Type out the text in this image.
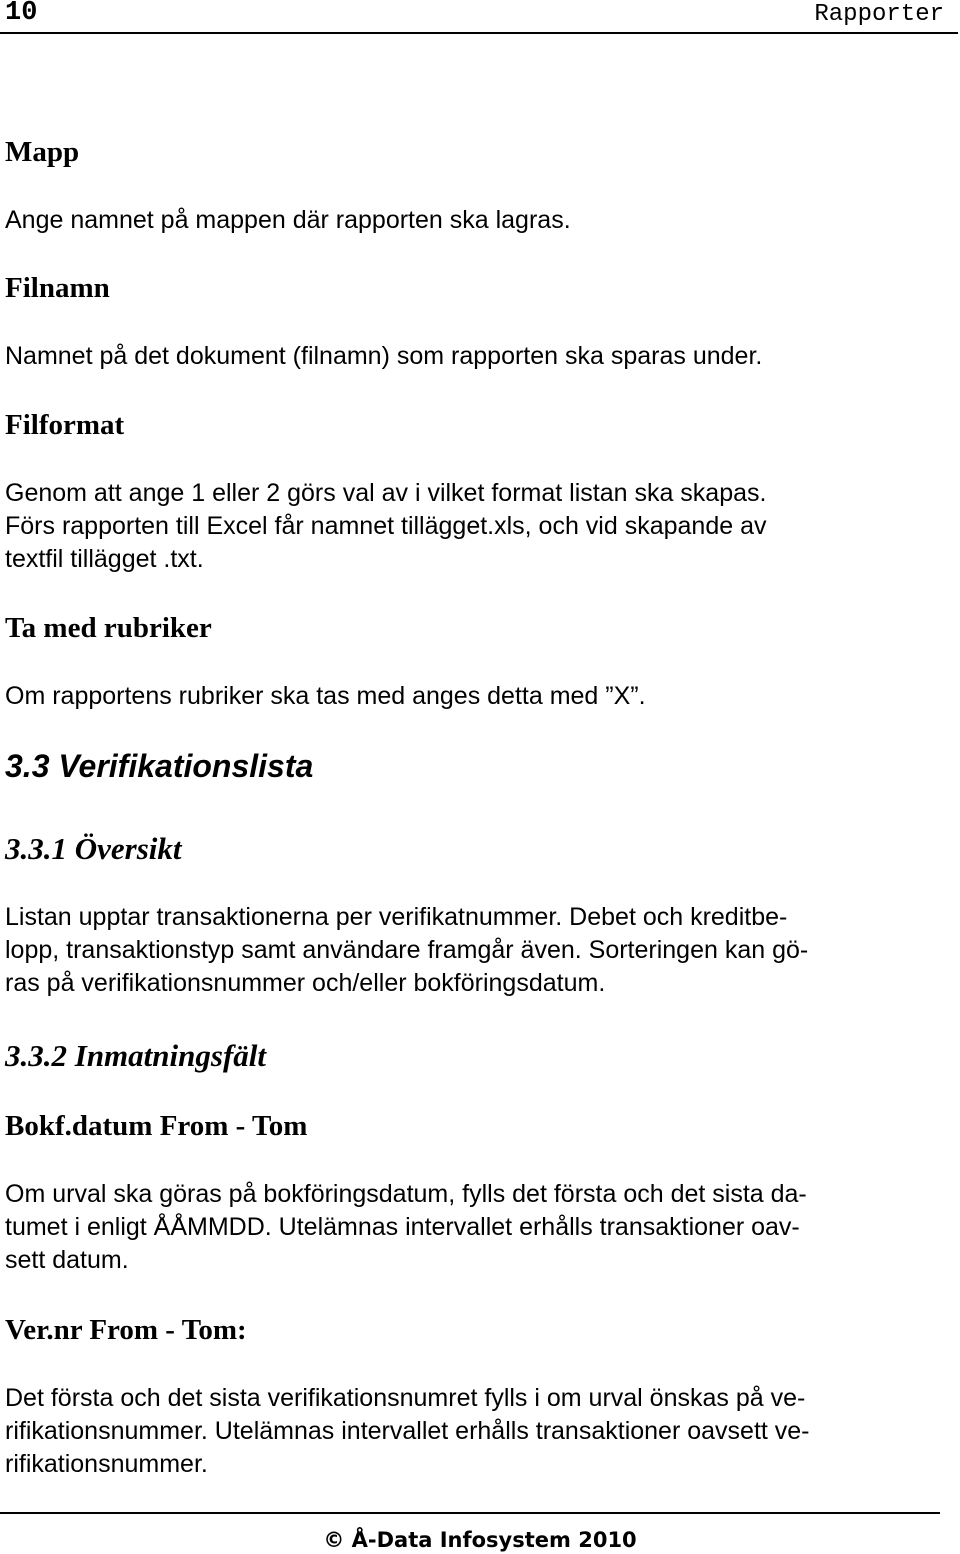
10	Rapporter
Mapp
Ange namnet på mappen där rapporten ska lagras.
Filnamn
Namnet på det dokument (filnamn) som rapporten ska sparas under.
Filformat
Genom att ange 1 eller 2 görs val av i vilket format listan ska skapas.
Förs rapporten till Excel får namnet tillägget.xls, och vid skapande av
textfil tillägget .txt.
Ta med rubriker
Om rapportens rubriker ska tas med anges detta med ”X”.
3.3 Verifikationslista
3.3.1 Översikt
Listan upptar transaktionerna per verifikatnummer. Debet och kreditbe-
lopp, transaktionstyp samt användare framgår även. Sorteringen kan gö-
ras på verifikationsnummer och/eller bokföringsdatum.
3.3.2 Inmatningsfält
Bokf.datum From - Tom
Om urval ska göras på bokföringsdatum, fylls det första och det sista da-
tumet i enligt ÅÅMMDD. Utelämnas intervallet erhålls transaktioner oav-
sett datum.
Ver.nr From - Tom:
Det första och det sista verifikationsnumret fylls i om urval önskas på ve-
rifikationsnummer. Utelämnas intervallet erhålls transaktioner oavsett ve-
rifikationsnummer.
© Å-Data Infosystem 2010
